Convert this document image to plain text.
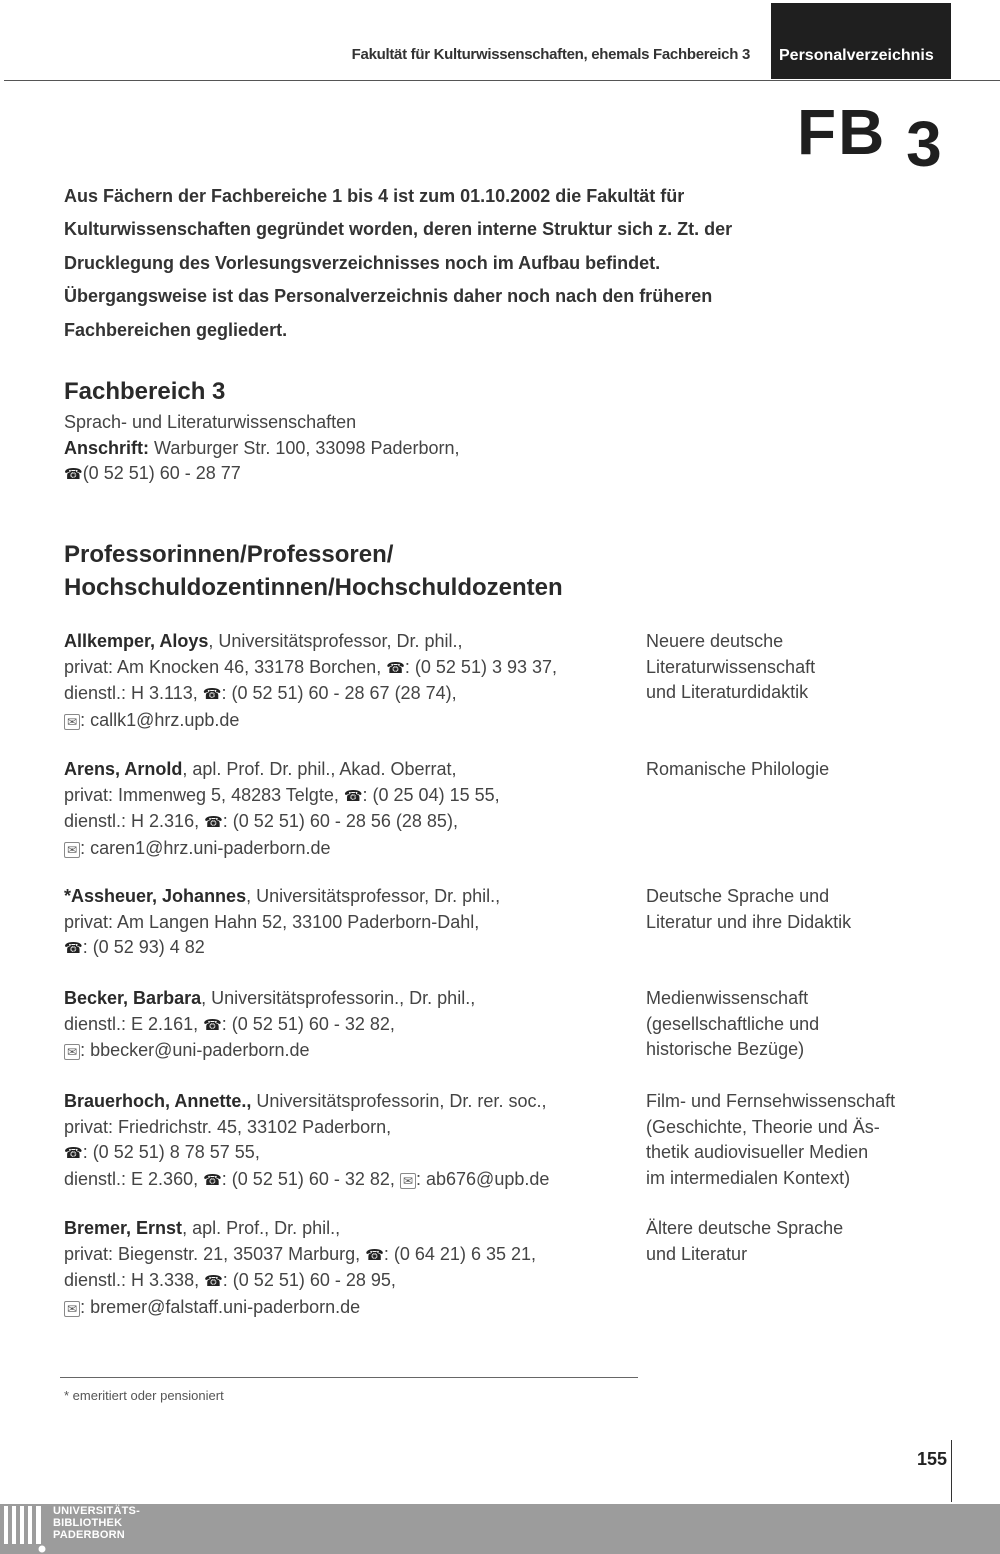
Fakultät für Kulturwissenschaften, ehemals Fachbereich 3 Personalverzeichnis
FB 3
Aus Fächern der Fachbereiche 1 bis 4 ist zum 01.10.2002 die Fakultät für Kulturwissenschaften gegründet worden, deren interne Struktur sich z. Zt. der Drucklegung des Vorlesungsverzeichnisses noch im Aufbau befindet. Übergangsweise ist das Personalverzeichnis daher noch nach den früheren Fachbereichen gegliedert.
Fachbereich 3
Sprach- und Literaturwissenschaften
Anschrift: Warburger Str. 100, 33098 Paderborn,
☎(0 52 51) 60 - 28 77
Professorinnen/Professoren/
Hochschuldozentinnen/Hochschuldozenten
Allkemper, Aloys, Universitätsprofessor, Dr. phil.,
privat: Am Knocken 46, 33178 Borchen, ☎: (0 52 51) 3 93 37,
dienstl.: H 3.113, ☎: (0 52 51) 60 - 28 67 (28 74),
✉ : callk1@hrz.upb.de
Neuere deutsche
Literaturwissenschaft
und Literaturdidaktik
Arens, Arnold, apl. Prof. Dr. phil., Akad. Oberrat,
privat: Immenweg 5, 48283 Telgte, ☎: (0 25 04) 15 55,
dienstl.: H 2.316, ☎: (0 52 51) 60 - 28 56 (28 85),
✉ : caren1@hrz.uni-paderborn.de
Romanische Philologie
*Assheuer, Johannes, Universitätsprofessor, Dr. phil.,
privat: Am Langen Hahn 52, 33100 Paderborn-Dahl,
☎: (0 52 93) 4 82
Deutsche Sprache und
Literatur und ihre Didaktik
Becker, Barbara, Universitätsprofessorin., Dr. phil.,
dienstl.: E 2.161, ☎: (0 52 51) 60 - 32 82,
✉ : bbecker@uni-paderborn.de
Medienwissenschaft
(gesellschaftliche und
historische Bezüge)
Brauerhoch, Annette., Universitätsprofessorin, Dr. rer. soc.,
privat: Friedrichstr. 45, 33102 Paderborn,
☎: (0 52 51) 8 78 57 55,
dienstl.: E 2.360, ☎: (0 52 51) 60 - 32 82, ✉ : ab676@upb.de
Film- und Fernsehwissenschaft
(Geschichte, Theorie und Äs-
thetik audiovisueller Medien
im intermedialen Kontext)
Bremer, Ernst, apl. Prof., Dr. phil.,
privat: Biegenstr. 21, 35037 Marburg, ☎: (0 64 21) 6 35 21,
dienstl.: H 3.338, ☎: (0 52 51) 60 - 28 95,
✉ : bremer@falstaff.uni-paderborn.de
Ältere deutsche Sprache
und Literatur
* emeritiert oder pensioniert
155
UNIVERSITÄTS-
BIBLIOTHEK
PADERBORN
